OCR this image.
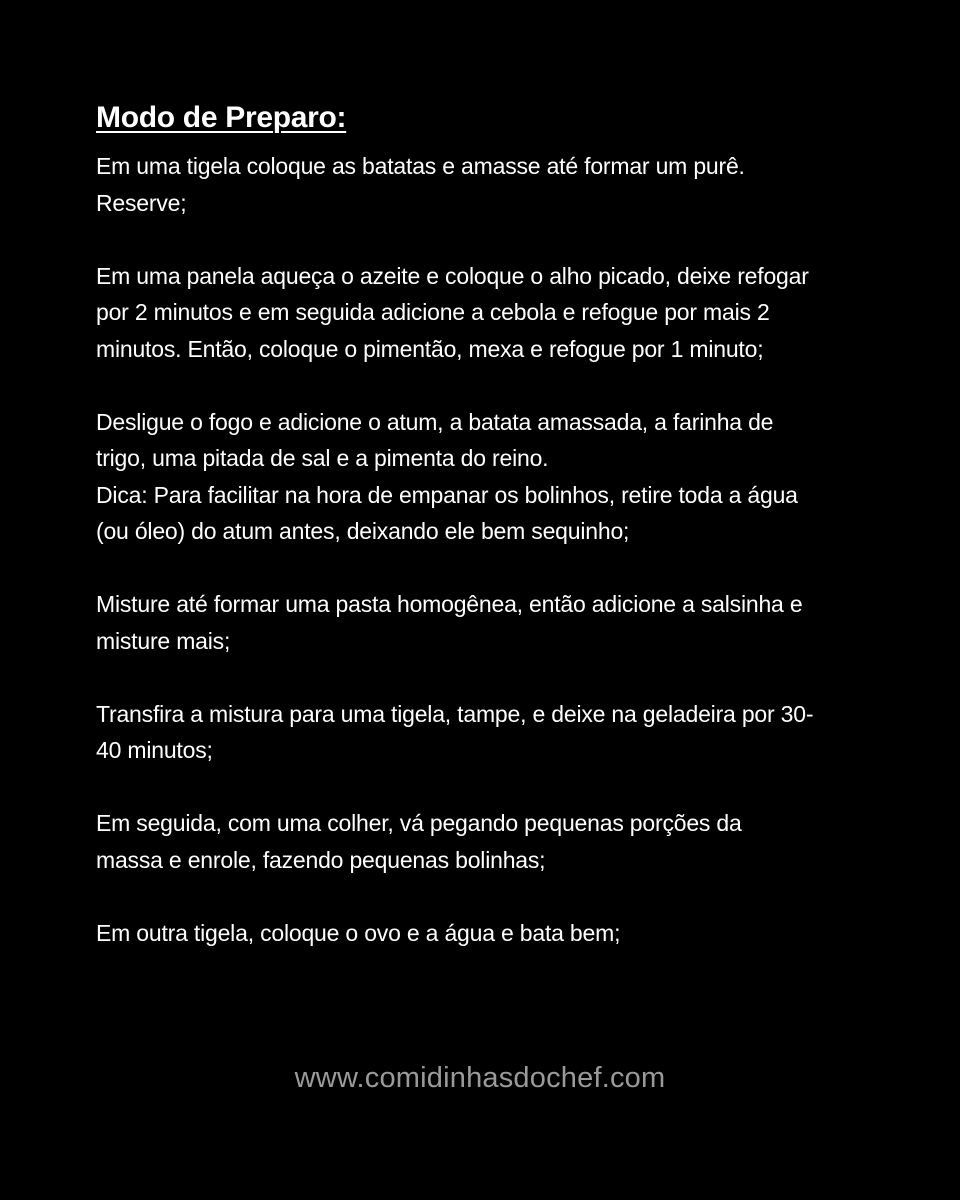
Modo de Preparo:
Em uma tigela coloque as batatas e amasse até formar um purê.
Reserve;
Em uma panela aqueça o azeite e coloque o alho picado, deixe refogar
por 2 minutos e em seguida adicione a cebola e refogue por mais 2
minutos. Então, coloque o pimentão, mexa e refogue por 1 minuto;
Desligue o fogo e adicione o atum, a batata amassada, a farinha de
trigo, uma pitada de sal e a pimenta do reino.
Dica: Para facilitar na hora de empanar os bolinhos, retire toda a água
(ou óleo) do atum antes, deixando ele bem sequinho;
Misture até formar uma pasta homogênea, então adicione a salsinha e
misture mais;
Transfira a mistura para uma tigela, tampe, e deixe na geladeira por 30-
40 minutos;
Em seguida, com uma colher, vá pegando pequenas porções da
massa e enrole, fazendo pequenas bolinhas;
Em outra tigela, coloque o ovo e a água e bata bem;
www.comidinhasdochef.com
